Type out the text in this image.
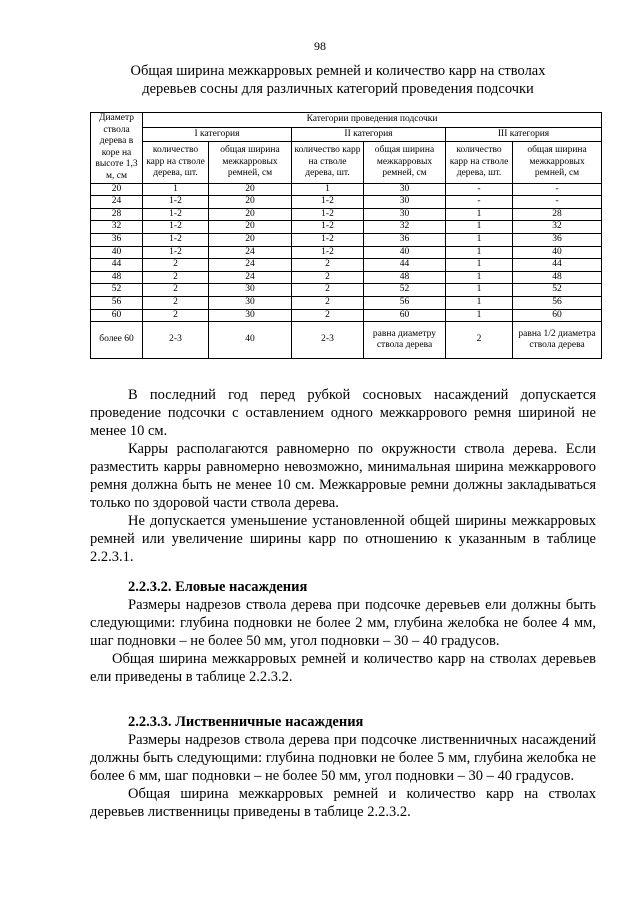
98
Общая ширина межкарровых ремней и количество карр на стволах
деревьев сосны для различных категорий проведения подсочки
Диаметр ствола дерева в коре на высоте 1,3 м, см	Категории проведения подсочки					
	I категория		II категория		III категория	
	количество карр на стволе дерева, шт.	общая ширина межкарровых ремней, см	количество карр на стволе дерева, шт.	общая ширина межкарровых ремней, см	количество карр на стволе дерева, шт.	общая ширина межкарровых ремней, см
20	1	20	1	30	-	-
24	1-2	20	1-2	30	-	-
28	1-2	20	1-2	30	1	28
32	1-2	20	1-2	32	1	32
36	1-2	20	1-2	36	1	36
40	1-2	24	1-2	40	1	40
44	2	24	2	44	1	44
48	2	24	2	48	1	48
52	2	30	2	52	1	52
56	2	30	2	56	1	56
60	2	30	2	60	1	60
более 60	2-3	40	2-3	равна диаметру ствола дерева	2	равна 1/2 диаметра ствола дерева

В последний год перед рубкой сосновых насаждений допускается проведение подсочки с оставлением одного межкаррового ремня шириной не менее 10 см.

Карры располагаются равномерно по окружности ствола дерева. Если разместить карры равномерно невозможно, минимальная ширина межкаррового ремня должна быть не менее 10 см. Межкарровые ремни должны закладываться только по здоровой части ствола дерева.

Не допускается уменьшение установленной общей ширины межкарровых ремней или увеличение ширины карр по отношению к указанным в таблице 2.2.3.1.

2.2.3.2. Еловые насаждения

Размеры надрезов ствола дерева при подсочке деревьев ели должны быть следующими: глубина подновки не более 2 мм, глубина желобка не более 4 мм, шаг подновки – не более 50 мм, угол подновки – 30 – 40 градусов.

Общая ширина межкарровых ремней и количество карр на стволах деревьев ели приведены в таблице 2.2.3.2.

2.2.3.3. Лиственничные насаждения

Размеры надрезов ствола дерева при подсочке лиственничных насаждений должны быть следующими: глубина подновки не более 5 мм, глубина желобка не более 6 мм, шаг подновки – не более 50 мм, угол подновки – 30 – 40 градусов.

Общая ширина межкарровых ремней и количество карр на стволах деревьев лиственницы приведены в таблице 2.2.3.2.
